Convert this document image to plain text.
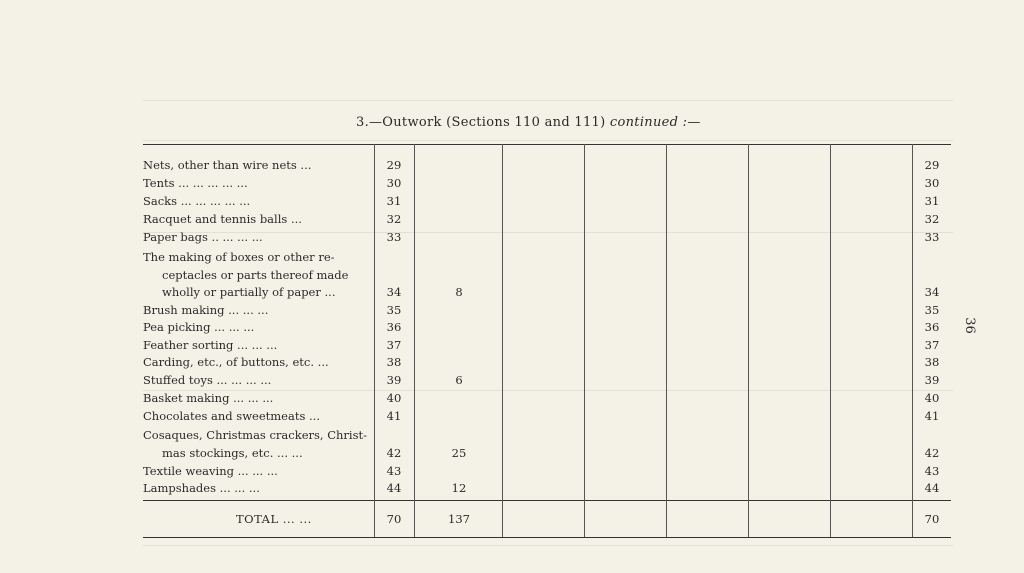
3.—Outwork (Sections 110 and 111) continued :—
36
Nets, other than wire nets ...	29	29
Tents ... ... ... ... ...	30	30
Sacks ... ... ... ... ...	31	31
Racquet and tennis balls ...	32	32
Paper bags .. ... ... ...	33	33
The making of boxes or other re-
ceptacles or parts thereof made
wholly or partially of paper ...	34	8	34
Brush making ... ... ...	35	35
Pea picking ... ... ...	36	36
Feather sorting ... ... ...	37	37
Carding, etc., of buttons, etc. ...	38	38
Stuffed toys ... ... ... ...	39	6	39
Basket making ... ... ...	40	40
Chocolates and sweetmeats ...	41	41
Cosaques, Christmas crackers, Christ-
mas stockings, etc. ... ...	42	25	42
Textile weaving ... ... ...	43	43
Lampshades ... ... ...	44	12	44
TOTAL ... ...	70	137	70
